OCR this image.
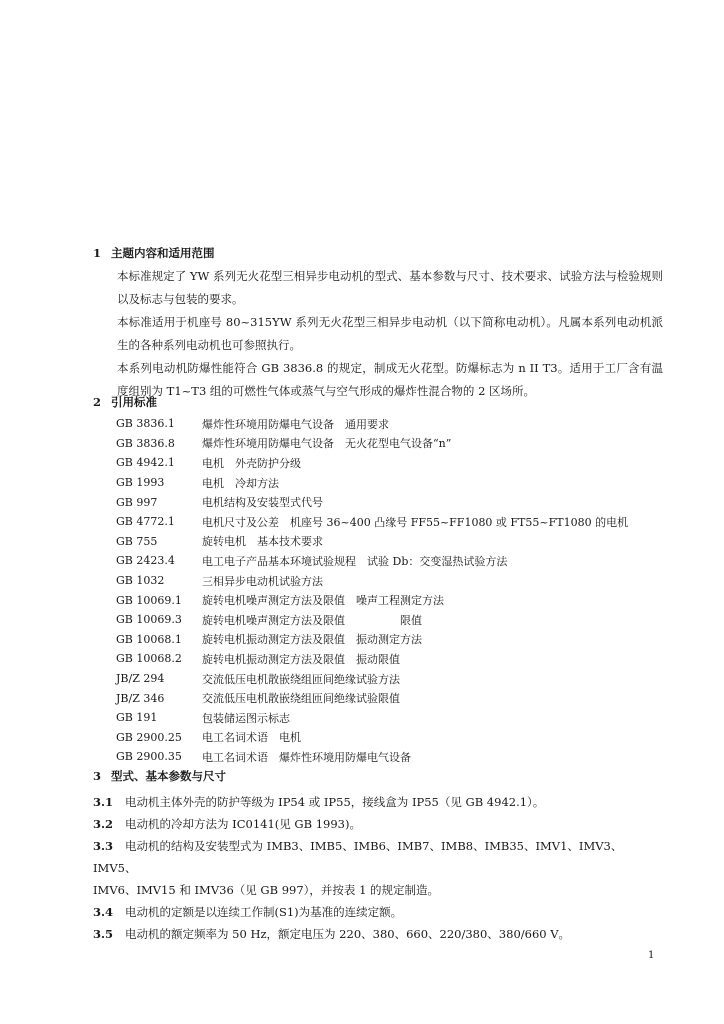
1 主题内容和适用范围
本标准规定了 YW 系列无火花型三相异步电动机的型式、基本参数与尺寸、技术要求、试验方法与检验规则以及标志与包装的要求。
本标准适用于机座号 80~315YW 系列无火花型三相异步电动机（以下简称电动机）。凡属本系列电动机派生的各种系列电动机也可参照执行。
本系列电动机防爆性能符合 GB 3836.8 的规定，制成无火花型。防爆标志为 n II T3。适用于工厂含有温度组别为 T1~T3 组的可燃性气体或蒸气与空气形成的爆炸性混合物的 2 区场所。
2 引用标准
GB 3836.1	爆炸性环境用防爆电气设备　通用要求
GB 3836.8	爆炸性环境用防爆电气设备　无火花型电气设备“n”
GB 4942.1	电机　外壳防护分级
GB 1993	电机　冷却方法
GB 997	电机结构及安装型式代号
GB 4772.1	电机尺寸及公差　机座号 36~400 凸缘号 FF55~FF1080 或 FT55~FT1080 的电机
GB 755	旋转电机　基本技术要求
GB 2423.4	电工电子产品基本环境试验规程　试验 Db：交变湿热试验方法
GB 1032	三相异步电动机试验方法
GB 10069.1	旋转电机噪声测定方法及限值　噪声工程测定方法
GB 10069.3	旋转电机噪声测定方法及限值　　　　　限值
GB 10068.1	旋转电机振动测定方法及限值　振动测定方法
GB 10068.2	旋转电机振动测定方法及限值　振动限值
JB/Z 294	交流低压电机散嵌绕组匝间绝缘试验方法
JB/Z 346	交流低压电机散嵌绕组匝间绝缘试验限值
GB 191	包装储运图示标志
GB 2900.25	电工名词术语　电机
GB 2900.35	电工名词术语　爆炸性环境用防爆电气设备
3 型式、基本参数与尺寸
3.1 电动机主体外壳的防护等级为 IP54 或 IP55，接线盒为 IP55（见 GB 4942.1）。
3.2 电动机的冷却方法为 IC0141(见 GB 1993)。
3.3 电动机的结构及安装型式为 IMB3、IMB5、IMB6、IMB7、IMB8、IMB35、IMV1、IMV3、IMV5、
IMV6、IMV15 和 IMV36（见 GB 997），并按表 1 的规定制造。
3.4 电动机的定额是以连续工作制(S1)为基准的连续定额。
3.5 电动机的额定频率为 50 Hz，额定电压为 220、380、660、220/380、380/660 V。
1
